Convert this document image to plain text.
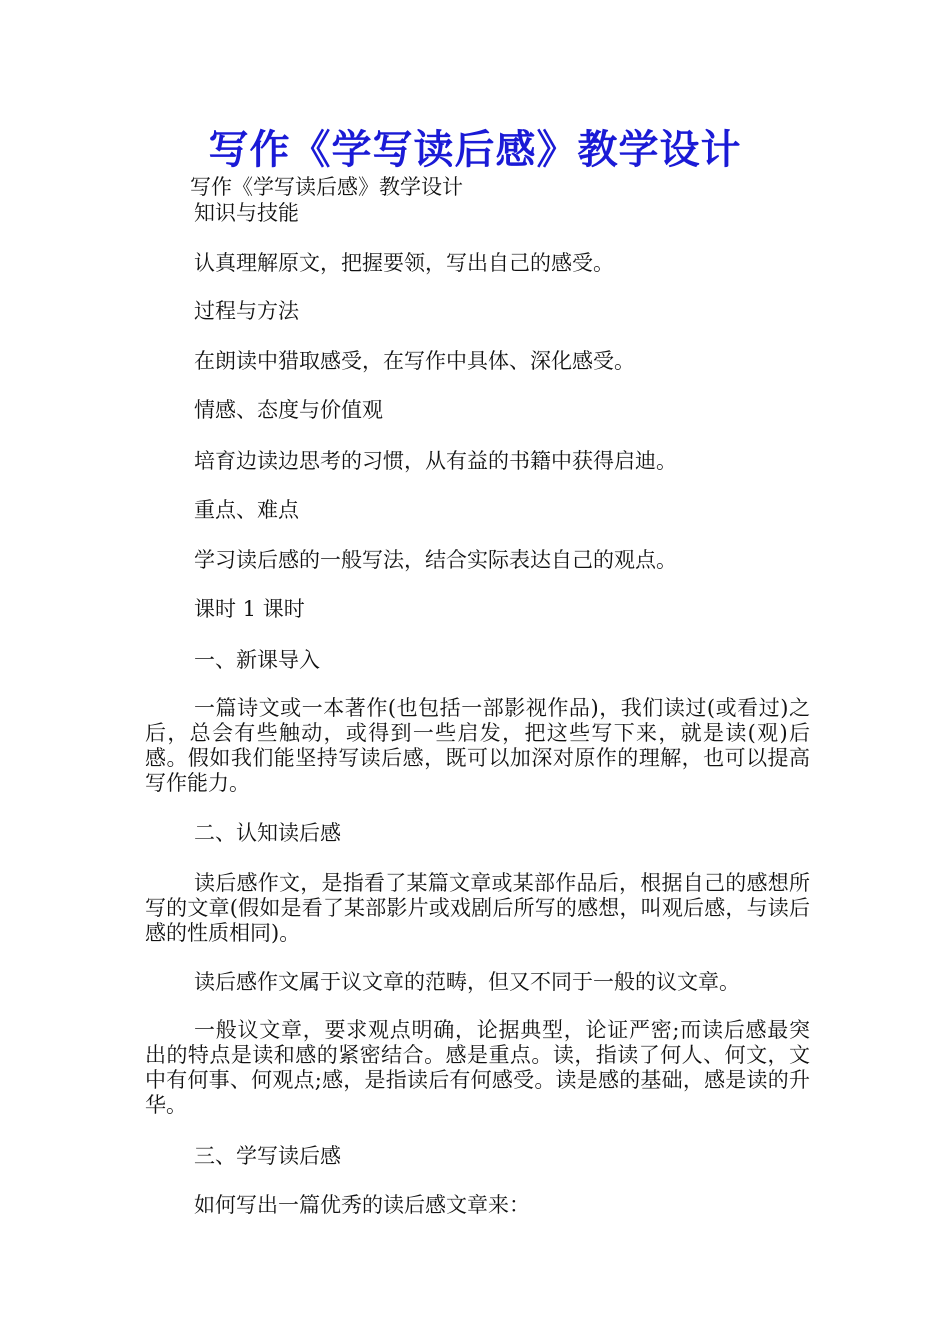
写作《学写读后感》教学设计

写作《学写读后感》教学设计

知识与技能

认真理解原文，把握要领，写出自己的感受。

过程与方法

在朗读中猎取感受，在写作中具体、深化感受。

情感、态度与价值观

培育边读边思考的习惯，从有益的书籍中获得启迪。

重点、难点

学习读后感的一般写法，结合实际表达自己的观点。

课时 1 课时

一、新课导入

一篇诗文或一本著作(也包括一部影视作品)，我们读过(或看过)之后，总会有些触动，或得到一些启发，把这些写下来，就是读(观)后感。假如我们能坚持写读后感，既可以加深对原作的理解，也可以提高写作能力。

二、认知读后感

读后感作文，是指看了某篇文章或某部作品后，根据自己的感想所写的文章(假如是看了某部影片或戏剧后所写的感想，叫观后感，与读后感的性质相同)。

读后感作文属于议文章的范畴，但又不同于一般的议文章。

一般议文章，要求观点明确，论据典型，论证严密;而读后感最突出的特点是读和感的紧密结合。感是重点。读，指读了何人、何文，文中有何事、何观点;感，是指读后有何感受。读是感的基础，感是读的升华。

三、学写读后感

如何写出一篇优秀的读后感文章来：
